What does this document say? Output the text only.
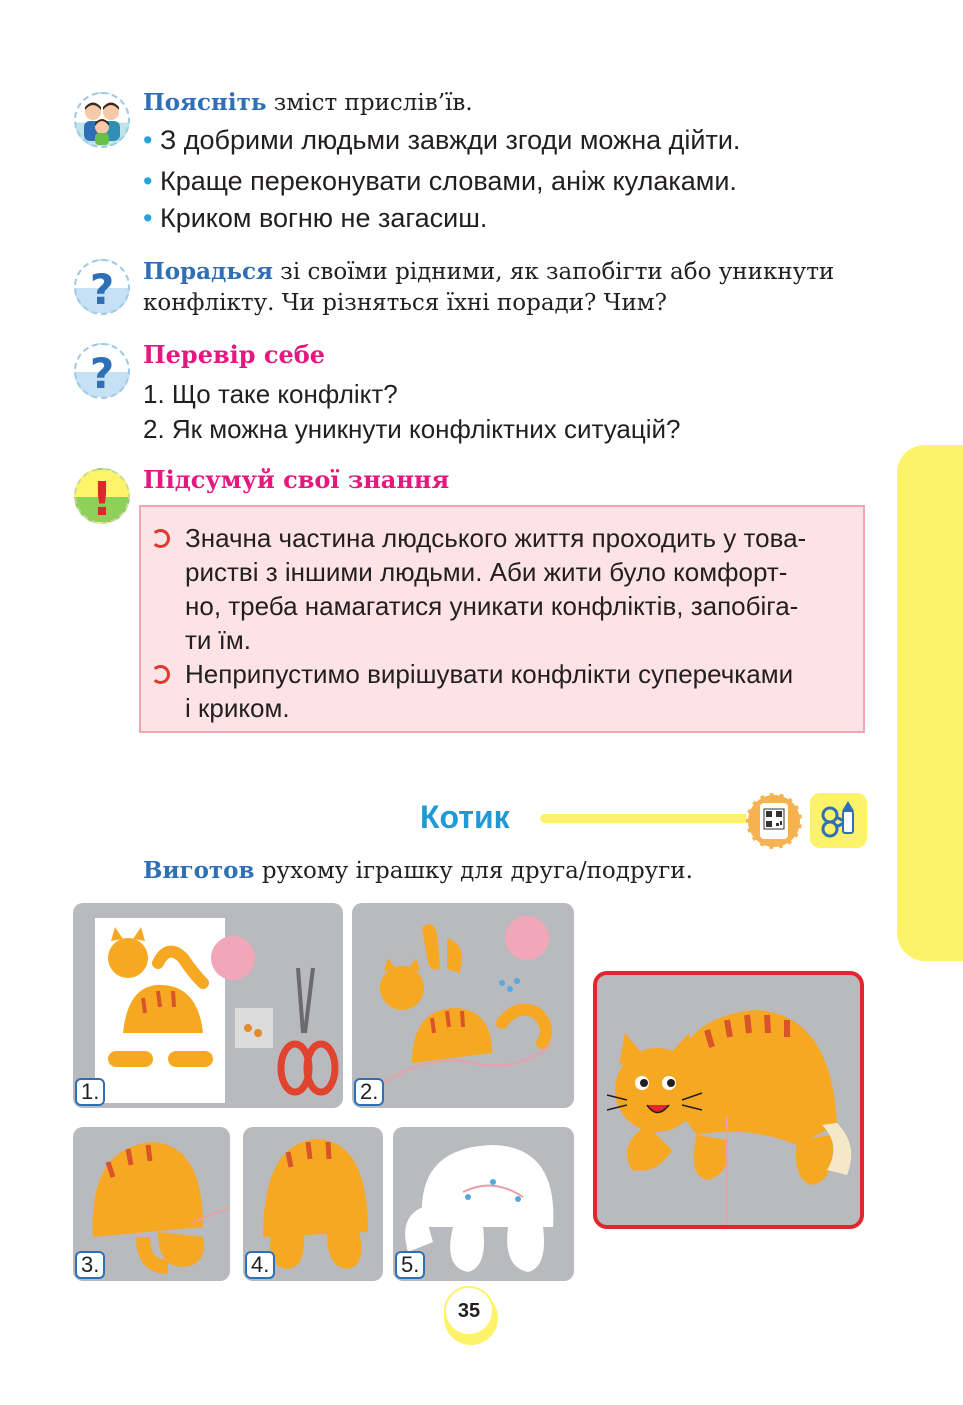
Поясніть зміст прислів’їв.
• З добрими людьми завжди згоди можна дійти.
• Краще переконувати словами, аніж кулаками.
• Криком вогню не загасиш.
?	Порадься зі своїми рідними, як запобігти або уникнути
конфлікту. Чи різняться їхні поради? Чим?
?	Перевір себе
1. Що таке конфлікт?
2. Як можна уникнути конфліктних ситуацій?
!	Підсумуй свої знання
Значна частина людського життя проходить у това-
ристві з іншими людьми. Аби жити було комфорт-
но, треба намагатися уникати конфліктів, запобіга-
ти їм.
Неприпустимо вирішувати конфлікти суперечками
і криком.
Котик
Виготов рухому іграшку для друга/подруги.
1.	2.
3.	4.	5.
35
